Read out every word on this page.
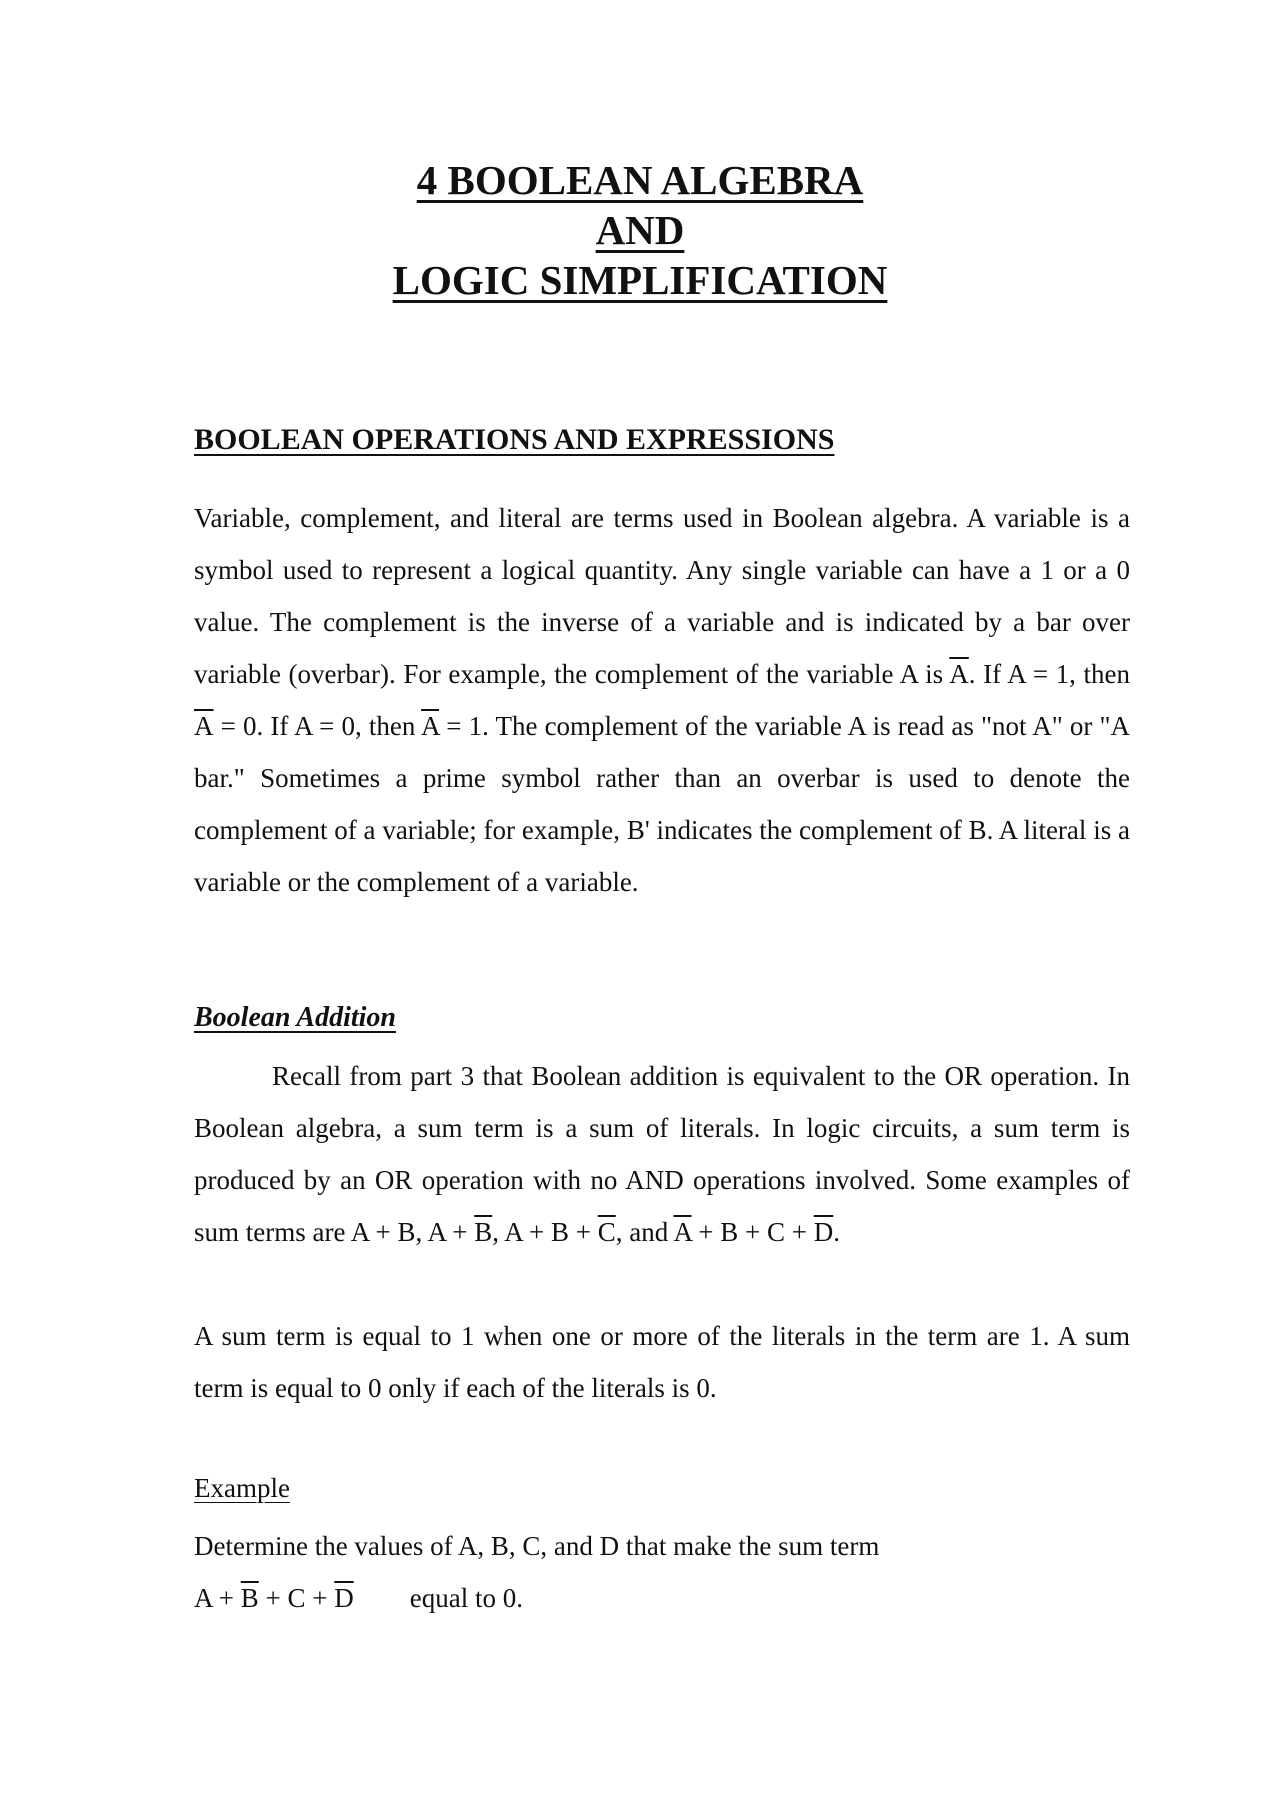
4 BOOLEAN ALGEBRA
AND
LOGIC SIMPLIFICATION
BOOLEAN OPERATIONS AND EXPRESSIONS
Variable, complement, and literal are terms used in Boolean algebra. A variable is a symbol used to represent a logical quantity. Any single variable can have a 1 or a 0 value. The complement is the inverse of a variable and is indicated by a bar over variable (overbar). For example, the complement of the variable A is $\overline{A}$. If A = 1, then $\overline{A} = 0$. If A = 0, then $\overline{A} = 1$. The complement of the variable A is read as "not A" or "A bar." Sometimes a prime symbol rather than an overbar is used to denote the complement of a variable; for example, B' indicates the complement of B. A literal is a variable or the complement of a variable.
Boolean Addition
Recall from part 3 that Boolean addition is equivalent to the OR operation. In Boolean algebra, a sum term is a sum of literals. In logic circuits, a sum term is produced by an OR operation with no AND operations involved. Some examples of sum terms are A + B, $A + \overline{B}$, $A + B + \overline{C}$, and $\overline{A} + B + C + \overline{D}$.
A sum term is equal to 1 when one or more of the literals in the term are 1. A sum term is equal to 0 only if each of the literals is 0.
Example
Determine the values of A, B, C, and D that make the sum term
$A + \overline{B} + C + \overline{D}$ equal to 0.
